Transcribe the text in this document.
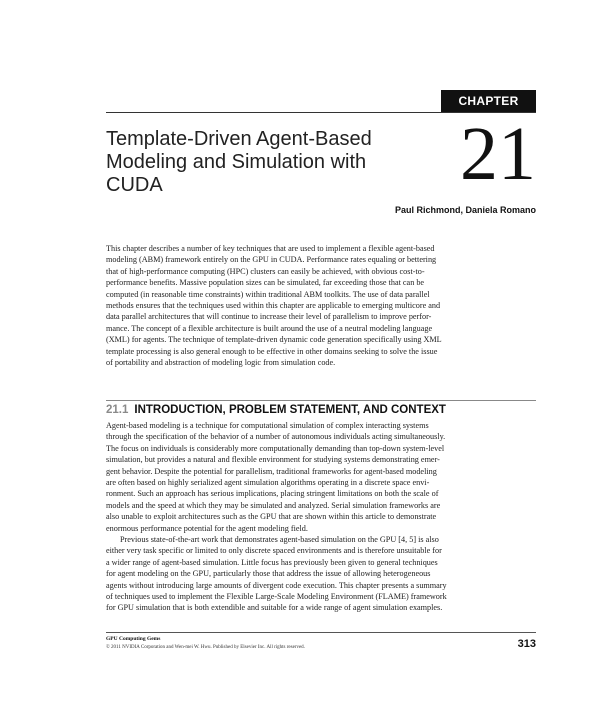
CHAPTER
Template-Driven Agent-Based
Modeling and Simulation with
CUDA	21
Paul Richmond, Daniela Romano
This chapter describes a number of key techniques that are used to implement a flexible agent-based
modeling (ABM) framework entirely on the GPU in CUDA. Performance rates equaling or bettering
that of high-performance computing (HPC) clusters can easily be achieved, with obvious cost-to-
performance benefits. Massive population sizes can be simulated, far exceeding those that can be
computed (in reasonable time constraints) within traditional ABM toolkits. The use of data parallel
methods ensures that the techniques used within this chapter are applicable to emerging multicore and
data parallel architectures that will continue to increase their level of parallelism to improve perfor-
mance. The concept of a flexible architecture is built around the use of a neutral modeling language
(XML) for agents. The technique of template-driven dynamic code generation specifically using XML
template processing is also general enough to be effective in other domains seeking to solve the issue
of portability and abstraction of modeling logic from simulation code.
21.1 INTRODUCTION, PROBLEM STATEMENT, AND CONTEXT
Agent-based modeling is a technique for computational simulation of complex interacting systems
through the specification of the behavior of a number of autonomous individuals acting simultaneously.
The focus on individuals is considerably more computationally demanding than top-down system-level
simulation, but provides a natural and flexible environment for studying systems demonstrating emer-
gent behavior. Despite the potential for parallelism, traditional frameworks for agent-based modeling
are often based on highly serialized agent simulation algorithms operating in a discrete space envi-
ronment. Such an approach has serious implications, placing stringent limitations on both the scale of
models and the speed at which they may be simulated and analyzed. Serial simulation frameworks are
also unable to exploit architectures such as the GPU that are shown within this article to demonstrate
enormous performance potential for the agent modeling field.
Previous state-of-the-art work that demonstrates agent-based simulation on the GPU [4, 5] is also
either very task specific or limited to only discrete spaced environments and is therefore unsuitable for
a wider range of agent-based simulation. Little focus has previously been given to general techniques
for agent modeling on the GPU, particularly those that address the issue of allowing heterogeneous
agents without introducing large amounts of divergent code execution. This chapter presents a summary
of techniques used to implement the Flexible Large-Scale Modeling Environment (FLAME) framework
for GPU simulation that is both extendible and suitable for a wide range of agent simulation examples.
GPU Computing Gems
© 2011 NVIDIA Corporation and Wen-mei W. Hwu. Published by Elsevier Inc. All rights reserved.	313
